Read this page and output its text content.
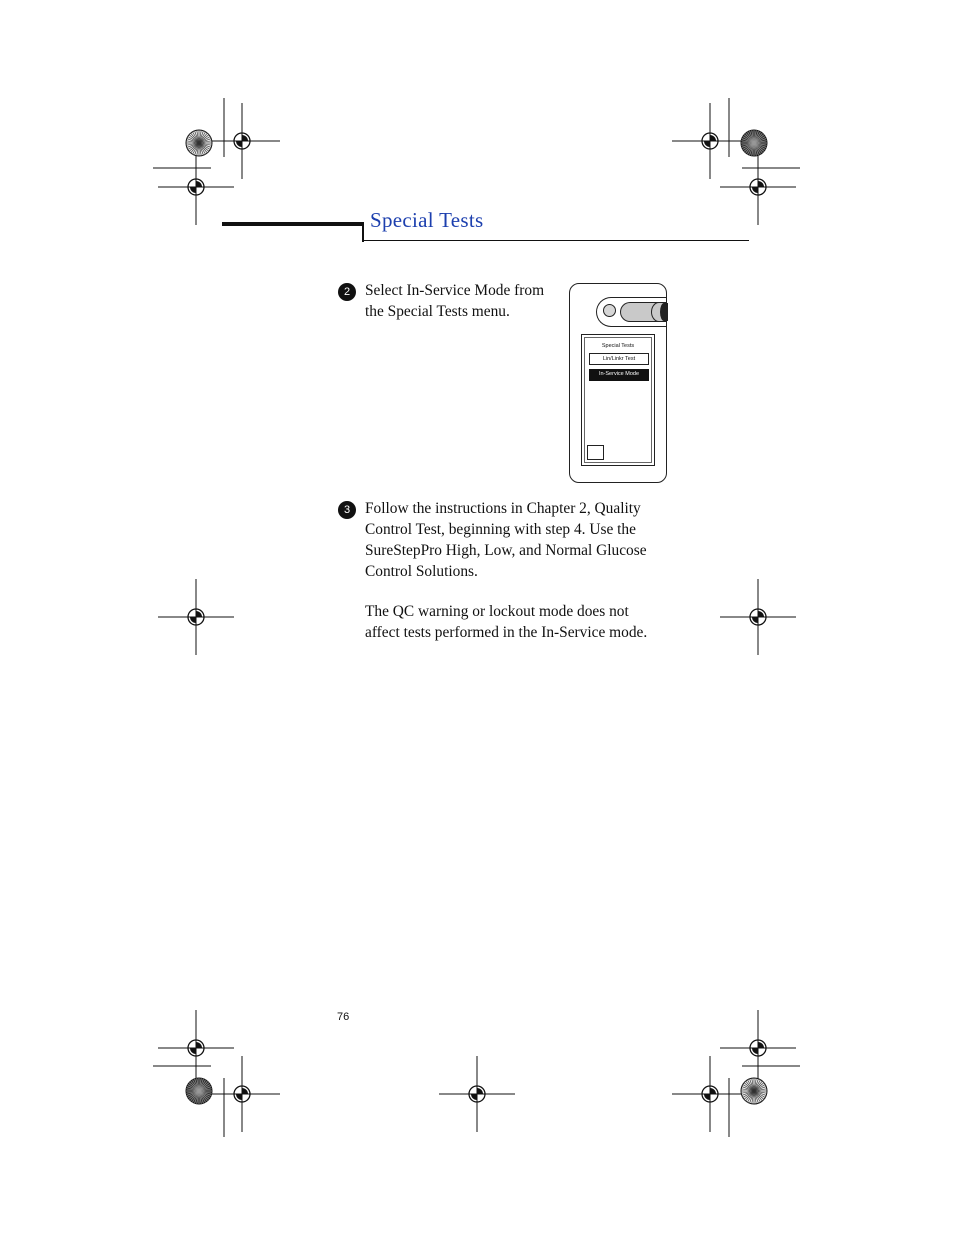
Special Tests
2 Select In-Service Mode from
the Special Tests menu.
Special Tests
Lin/Linkr Test
In-Service Mode
3 Follow the instructions in Chapter 2, Quality
Control Test, beginning with step 4. Use the
SureStepPro High, Low, and Normal Glucose
Control Solutions.
The QC warning or lockout mode does not
affect tests performed in the In-Service mode.
76
